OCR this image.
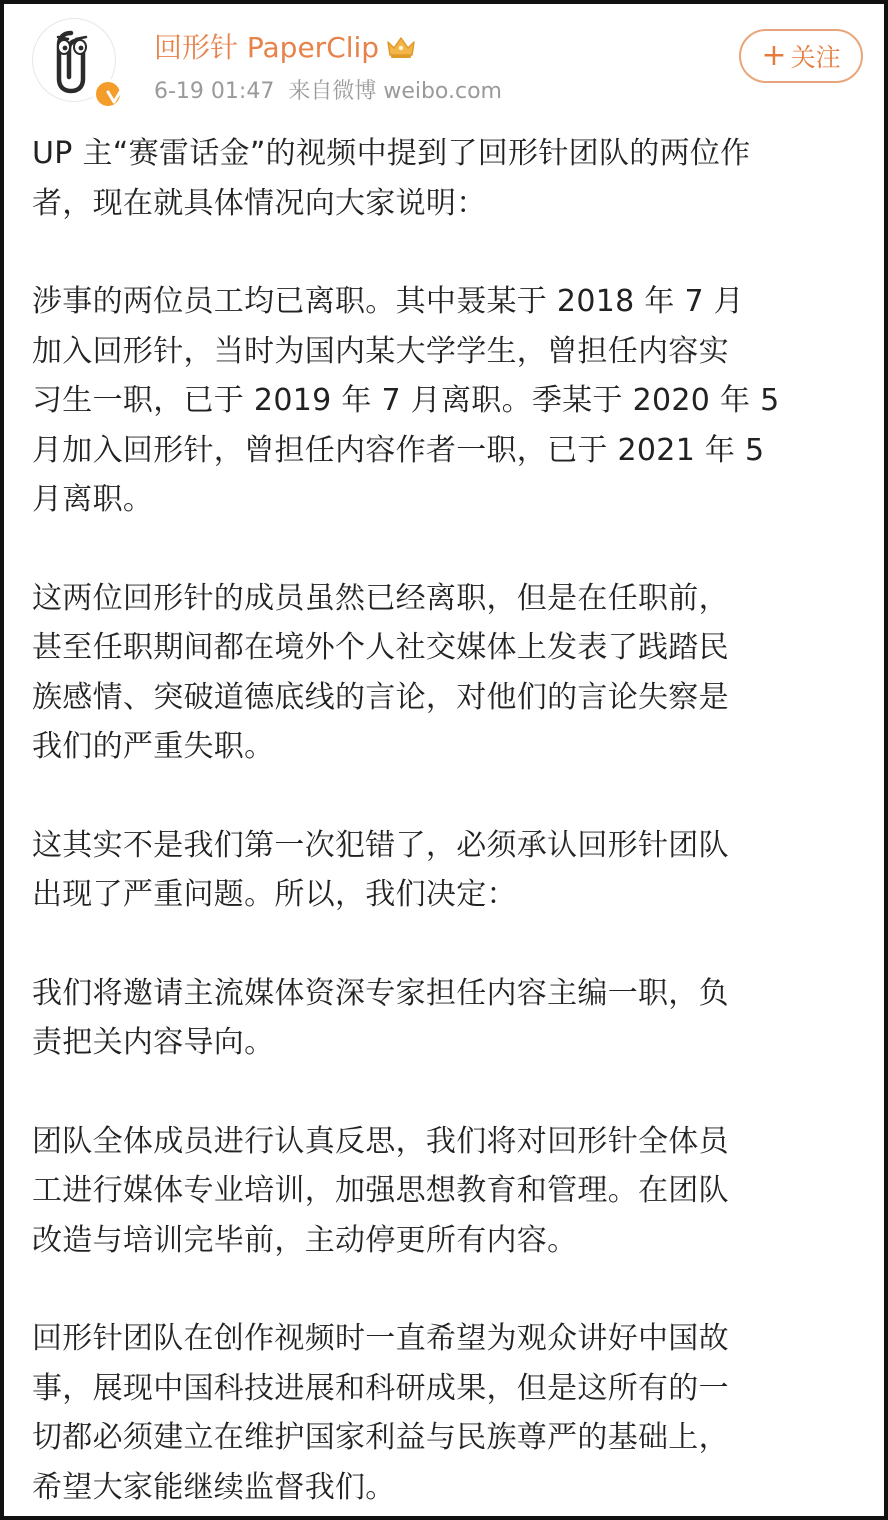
回形针 PaperClip
6-19 01:47 来自微博 weibo.com
+ 关注

UP 主“赛雷话金”的视频中提到了回形针团队的两位作
者，现在就具体情况向大家说明：

涉事的两位员工均已离职。其中聂某于 2018 年 7 月
加入回形针，当时为国内某大学学生，曾担任内容实
习生一职，已于 2019 年 7 月离职。季某于 2020 年 5
月加入回形针，曾担任内容作者一职，已于 2021 年 5
月离职。

这两位回形针的成员虽然已经离职，但是在任职前，
甚至任职期间都在境外个人社交媒体上发表了践踏民
族感情、突破道德底线的言论，对他们的言论失察是
我们的严重失职。

这其实不是我们第一次犯错了，必须承认回形针团队
出现了严重问题。所以，我们决定：

我们将邀请主流媒体资深专家担任内容主编一职，负
责把关内容导向。

团队全体成员进行认真反思，我们将对回形针全体员
工进行媒体专业培训，加强思想教育和管理。在团队
改造与培训完毕前，主动停更所有内容。

回形针团队在创作视频时一直希望为观众讲好中国故
事，展现中国科技进展和科研成果，但是这所有的一
切都必须建立在维护国家利益与民族尊严的基础上，
希望大家能继续监督我们。
